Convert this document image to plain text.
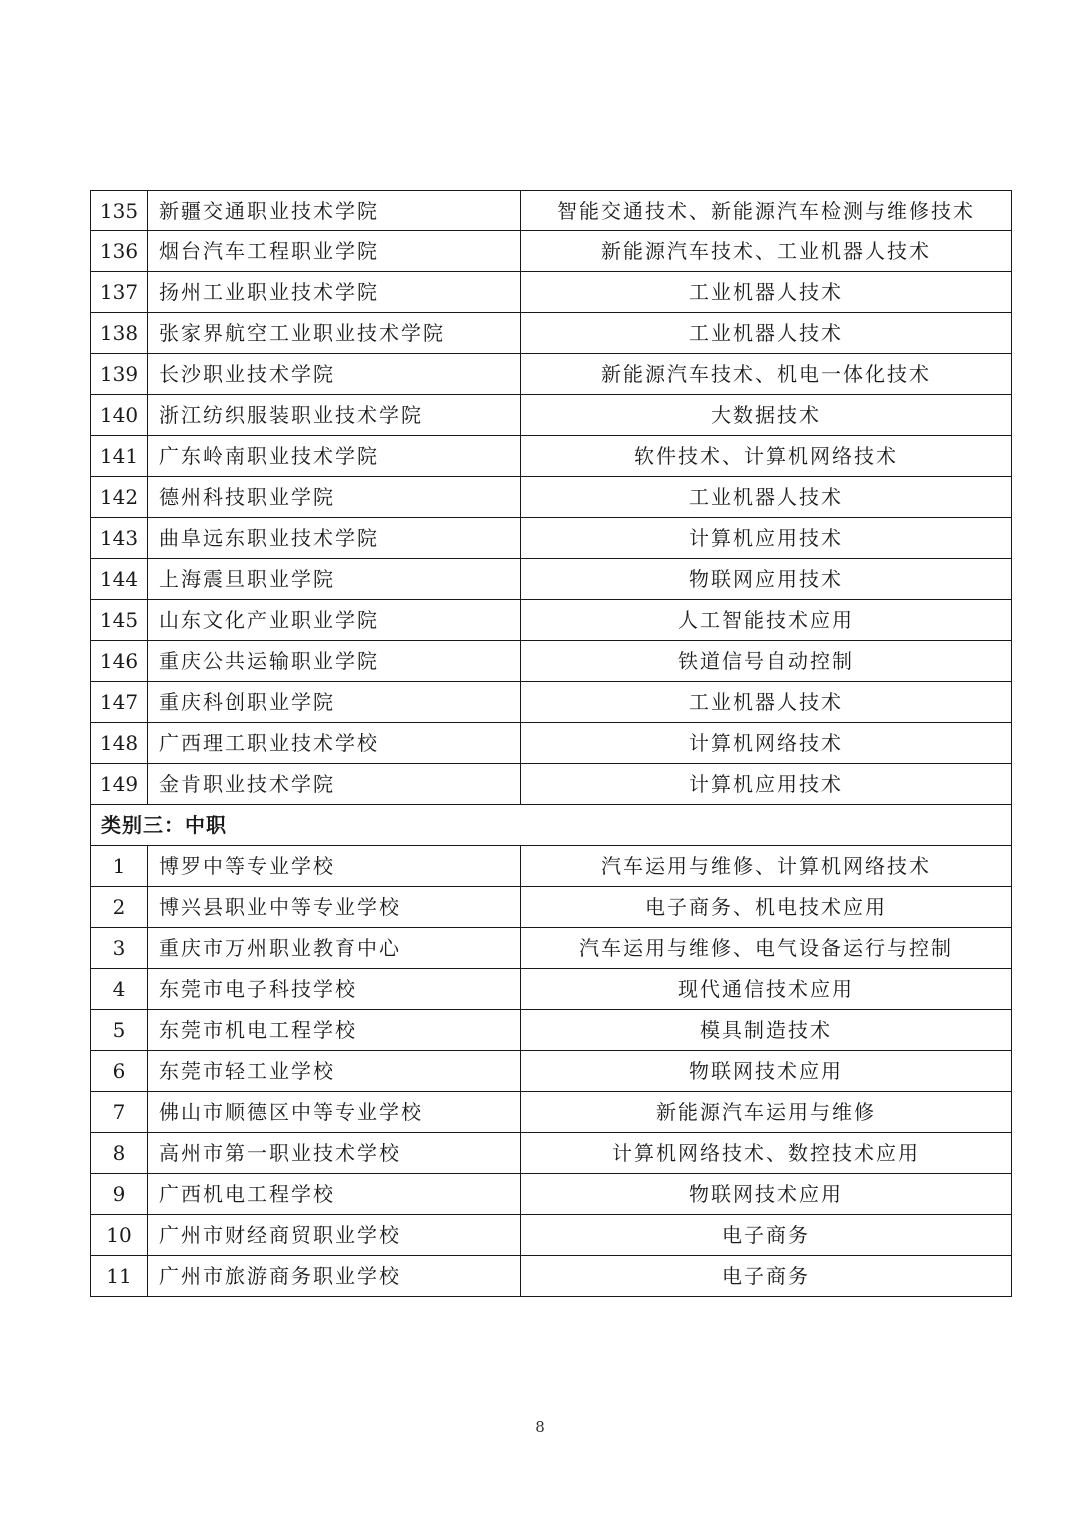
135	新疆交通职业技术学院	智能交通技术、新能源汽车检测与维修技术
136	烟台汽车工程职业学院	新能源汽车技术、工业机器人技术
137	扬州工业职业技术学院	工业机器人技术
138	张家界航空工业职业技术学院	工业机器人技术
139	长沙职业技术学院	新能源汽车技术、机电一体化技术
140	浙江纺织服装职业技术学院	大数据技术
141	广东岭南职业技术学院	软件技术、计算机网络技术
142	德州科技职业学院	工业机器人技术
143	曲阜远东职业技术学院	计算机应用技术
144	上海震旦职业学院	物联网应用技术
145	山东文化产业职业学院	人工智能技术应用
146	重庆公共运输职业学院	铁道信号自动控制
147	重庆科创职业学院	工业机器人技术
148	广西理工职业技术学校	计算机网络技术
149	金肯职业技术学院	计算机应用技术
类别三：中职		
1	博罗中等专业学校	汽车运用与维修、计算机网络技术
2	博兴县职业中等专业学校	电子商务、机电技术应用
3	重庆市万州职业教育中心	汽车运用与维修、电气设备运行与控制
4	东莞市电子科技学校	现代通信技术应用
5	东莞市机电工程学校	模具制造技术
6	东莞市轻工业学校	物联网技术应用
7	佛山市顺德区中等专业学校	新能源汽车运用与维修
8	高州市第一职业技术学校	计算机网络技术、数控技术应用
9	广西机电工程学校	物联网技术应用
10	广州市财经商贸职业学校	电子商务
11	广州市旅游商务职业学校	电子商务
8
